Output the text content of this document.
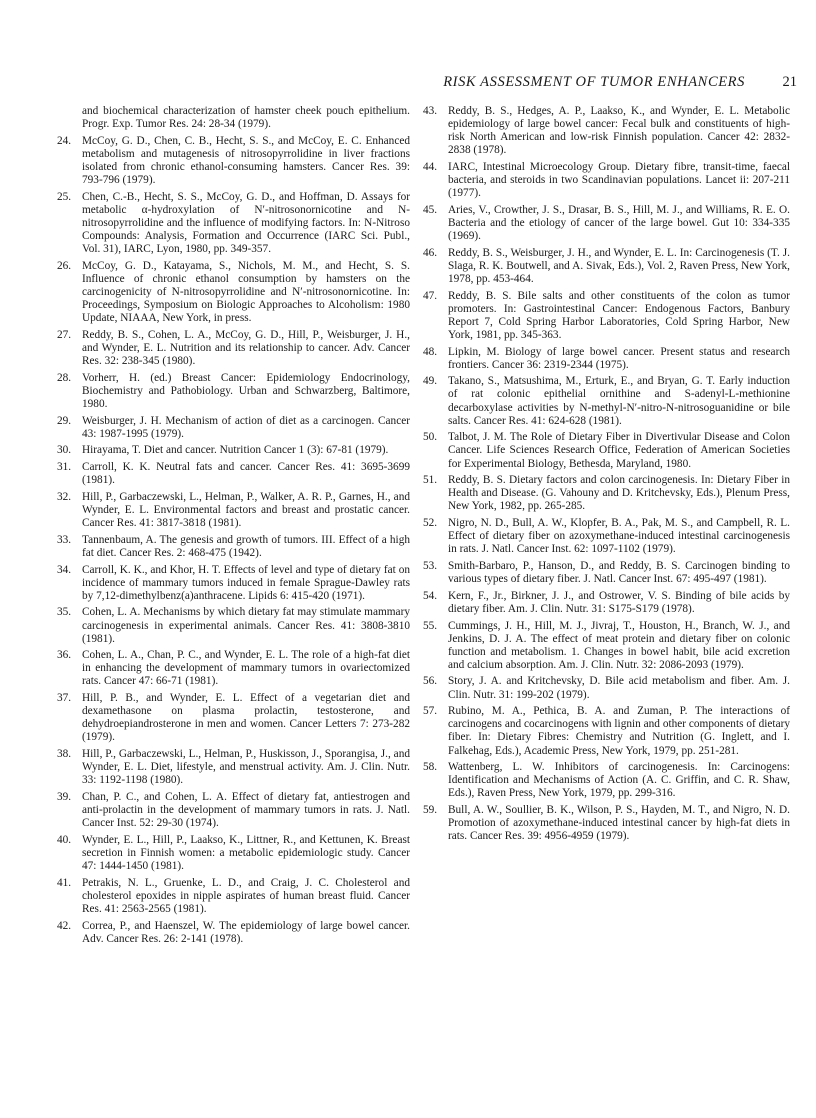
RISK ASSESSMENT OF TUMOR ENHANCERS	21

and biochemical characterization of hamster cheek pouch epithelium. Progr. Exp. Tumor Res. 24: 28-34 (1979).

24. McCoy, G. D., Chen, C. B., Hecht, S. S., and McCoy, E. C. Enhanced metabolism and mutagenesis of nitrosopyrrolidine in liver fractions isolated from chronic ethanol-consuming hamsters. Cancer Res. 39: 793-796 (1979).

25. Chen, C.-B., Hecht, S. S., McCoy, G. D., and Hoffman, D. Assays for metabolic α-hydroxylation of N′-nitrosonornicotine and N-nitrosopyrrolidine and the influence of modifying factors. In: N-Nitroso Compounds: Analysis, Formation and Occurrence (IARC Sci. Publ., Vol. 31), IARC, Lyon, 1980, pp. 349-357.

26. McCoy, G. D., Katayama, S., Nichols, M. M., and Hecht, S. S. Influence of chronic ethanol consumption by hamsters on the carcinogenicity of N-nitrosopyrrolidine and N′-nitrosonornicotine. In: Proceedings, Symposium on Biologic Approaches to Alcoholism: 1980 Update, NIAAA, New York, in press.

27. Reddy, B. S., Cohen, L. A., McCoy, G. D., Hill, P., Weisburger, J. H., and Wynder, E. L. Nutrition and its relationship to cancer. Adv. Cancer Res. 32: 238-345 (1980).

28. Vorherr, H. (ed.) Breast Cancer: Epidemiology Endocrinology, Biochemistry and Pathobiology. Urban and Schwarzberg, Baltimore, 1980.

29. Weisburger, J. H. Mechanism of action of diet as a carcinogen. Cancer 43: 1987-1995 (1979).

30. Hirayama, T. Diet and cancer. Nutrition Cancer 1 (3): 67-81 (1979).

31. Carroll, K. K. Neutral fats and cancer. Cancer Res. 41: 3695-3699 (1981).

32. Hill, P., Garbaczewski, L., Helman, P., Walker, A. R. P., Garnes, H., and Wynder, E. L. Environmental factors and breast and prostatic cancer. Cancer Res. 41: 3817-3818 (1981).

33. Tannenbaum, A. The genesis and growth of tumors. III. Effect of a high fat diet. Cancer Res. 2: 468-475 (1942).

34. Carroll, K. K., and Khor, H. T. Effects of level and type of dietary fat on incidence of mammary tumors induced in female Sprague-Dawley rats by 7,12-dimethylbenz(a)anthracene. Lipids 6: 415-420 (1971).

35. Cohen, L. A. Mechanisms by which dietary fat may stimulate mammary carcinogenesis in experimental animals. Cancer Res. 41: 3808-3810 (1981).

36. Cohen, L. A., Chan, P. C., and Wynder, E. L. The role of a high-fat diet in enhancing the development of mammary tumors in ovariectomized rats. Cancer 47: 66-71 (1981).

37. Hill, P. B., and Wynder, E. L. Effect of a vegetarian diet and dexamethasone on plasma prolactin, testosterone, and dehydroepiandrosterone in men and women. Cancer Letters 7: 273-282 (1979).

38. Hill, P., Garbaczewski, L., Helman, P., Huskisson, J., Sporangisa, J., and Wynder, E. L. Diet, lifestyle, and menstrual activity. Am. J. Clin. Nutr. 33: 1192-1198 (1980).

39. Chan, P. C., and Cohen, L. A. Effect of dietary fat, antiestrogen and anti-prolactin in the development of mammary tumors in rats. J. Natl. Cancer Inst. 52: 29-30 (1974).

40. Wynder, E. L., Hill, P., Laakso, K., Littner, R., and Kettunen, K. Breast secretion in Finnish women: a metabolic epidemiologic study. Cancer 47: 1444-1450 (1981).

41. Petrakis, N. L., Gruenke, L. D., and Craig, J. C. Cholesterol and cholesterol epoxides in nipple aspirates of human breast fluid. Cancer Res. 41: 2563-2565 (1981).

42. Correa, P., and Haenszel, W. The epidemiology of large bowel cancer. Adv. Cancer Res. 26: 2-141 (1978).

43. Reddy, B. S., Hedges, A. P., Laakso, K., and Wynder, E. L. Metabolic epidemiology of large bowel cancer: Fecal bulk and constituents of high-risk North American and low-risk Finnish population. Cancer 42: 2832-2838 (1978).

44. IARC, Intestinal Microecology Group. Dietary fibre, transit-time, faecal bacteria, and steroids in two Scandinavian populations. Lancet ii: 207-211 (1977).

45. Aries, V., Crowther, J. S., Drasar, B. S., Hill, M. J., and Williams, R. E. O. Bacteria and the etiology of cancer of the large bowel. Gut 10: 334-335 (1969).

46. Reddy, B. S., Weisburger, J. H., and Wynder, E. L. In: Carcinogenesis (T. J. Slaga, R. K. Boutwell, and A. Sivak, Eds.), Vol. 2, Raven Press, New York, 1978, pp. 453-464.

47. Reddy, B. S. Bile salts and other constituents of the colon as tumor promoters. In: Gastrointestinal Cancer: Endogenous Factors, Banbury Report 7, Cold Spring Harbor Laboratories, Cold Spring Harbor, New York, 1981, pp. 345-363.

48. Lipkin, M. Biology of large bowel cancer. Present status and research frontiers. Cancer 36: 2319-2344 (1975).

49. Takano, S., Matsushima, M., Erturk, E., and Bryan, G. T. Early induction of rat colonic epithelial ornithine and S-adenyl-L-methionine decarboxylase activities by N-methyl-N′-nitro-N-nitrosoguanidine or bile salts. Cancer Res. 41: 624-628 (1981).

50. Talbot, J. M. The Role of Dietary Fiber in Divertivular Disease and Colon Cancer. Life Sciences Research Office, Federation of American Societies for Experimental Biology, Bethesda, Maryland, 1980.

51. Reddy, B. S. Dietary factors and colon carcinogenesis. In: Dietary Fiber in Health and Disease. (G. Vahouny and D. Kritchevsky, Eds.), Plenum Press, New York, 1982, pp. 265-285.

52. Nigro, N. D., Bull, A. W., Klopfer, B. A., Pak, M. S., and Campbell, R. L. Effect of dietary fiber on azoxymethane-induced intestinal carcinogenesis in rats. J. Natl. Cancer Inst. 62: 1097-1102 (1979).

53. Smith-Barbaro, P., Hanson, D., and Reddy, B. S. Carcinogen binding to various types of dietary fiber. J. Natl. Cancer Inst. 67: 495-497 (1981).

54. Kern, F., Jr., Birkner, J. J., and Ostrower, V. S. Binding of bile acids by dietary fiber. Am. J. Clin. Nutr. 31: S175-S179 (1978).

55. Cummings, J. H., Hill, M. J., Jivraj, T., Houston, H., Branch, W. J., and Jenkins, D. J. A. The effect of meat protein and dietary fiber on colonic function and metabolism. 1. Changes in bowel habit, bile acid excretion and calcium absorption. Am. J. Clin. Nutr. 32: 2086-2093 (1979).

56. Story, J. A. and Kritchevsky, D. Bile acid metabolism and fiber. Am. J. Clin. Nutr. 31: 199-202 (1979).

57. Rubino, M. A., Pethica, B. A. and Zuman, P. The interactions of carcinogens and cocarcinogens with lignin and other components of dietary fiber. In: Dietary Fibres: Chemistry and Nutrition (G. Inglett, and I. Falkehag, Eds.), Academic Press, New York, 1979, pp. 251-281.

58. Wattenberg, L. W. Inhibitors of carcinogenesis. In: Carcinogens: Identification and Mechanisms of Action (A. C. Griffin, and C. R. Shaw, Eds.), Raven Press, New York, 1979, pp. 299-316.

59. Bull, A. W., Soullier, B. K., Wilson, P. S., Hayden, M. T., and Nigro, N. D. Promotion of azoxymethane-induced intestinal cancer by high-fat diets in rats. Cancer Res. 39: 4956-4959 (1979).
